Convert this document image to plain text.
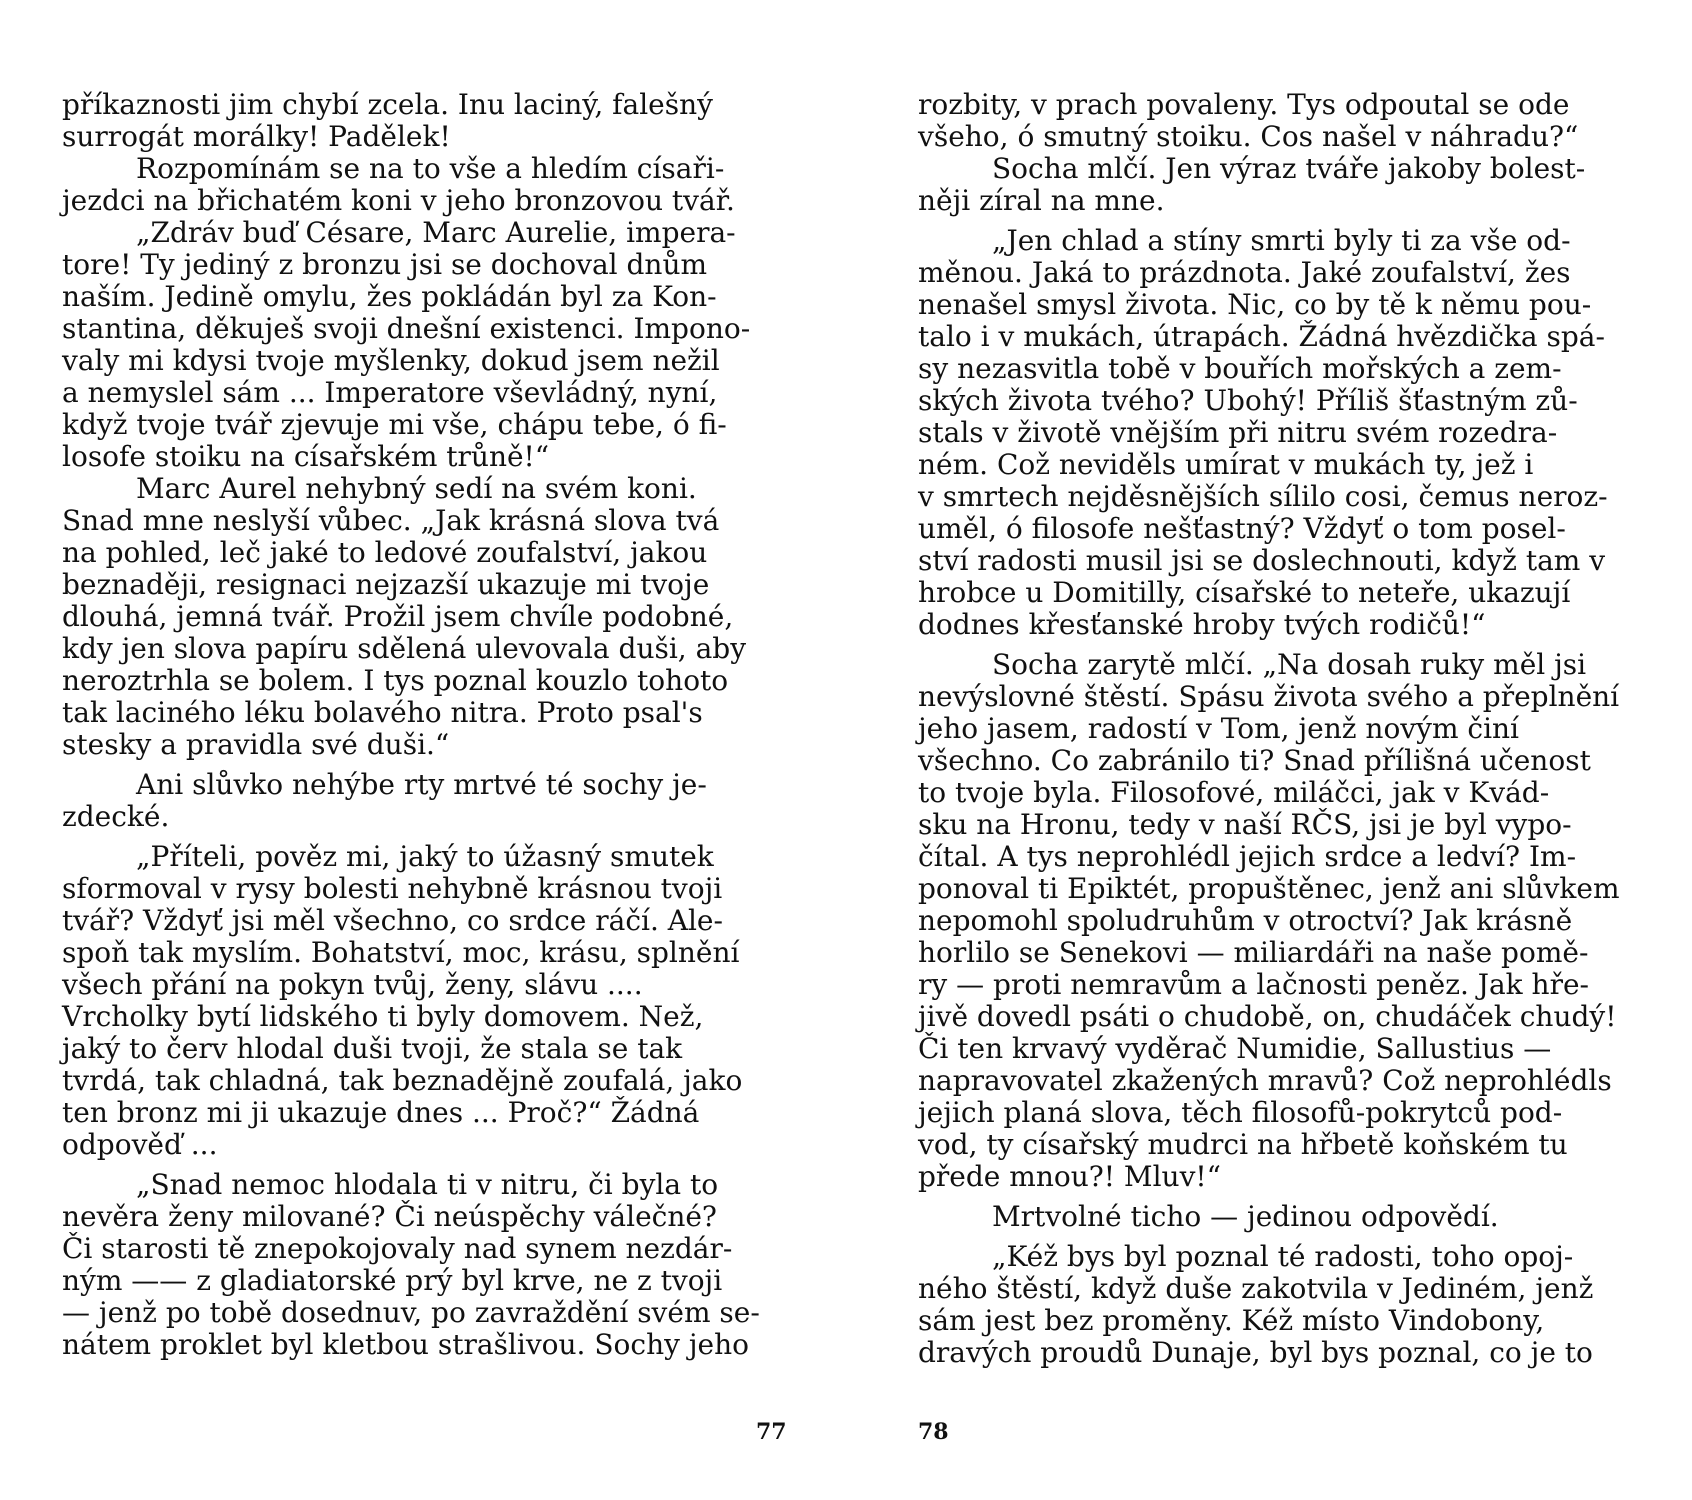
příkaznosti jim chybí zcela. Inu laciný, falešný
surrogát morálky! Padělek!
Rozpomínám se na to vše a hledím císaři-
jezdci na břichatém koni v jeho bronzovou tvář.
„Zdráv buď Césare, Marc Aurelie, impera-
tore! Ty jediný z bronzu jsi se dochoval dnům
naším. Jedině omylu, žes pokládán byl za Kon-
stantina, děkuješ svoji dnešní existenci. Impono-
valy mi kdysi tvoje myšlenky, dokud jsem nežil
a nemyslel sám ... Imperatore vševládný, nyní,
když tvoje tvář zjevuje mi vše, chápu tebe, ó fi-
losofe stoiku na císařském trůně!“
Marc Aurel nehybný sedí na svém koni.
Snad mne neslyší vůbec. „Jak krásná slova tvá
na pohled, leč jaké to ledové zoufalství, jakou
beznaději, resignaci nejzazší ukazuje mi tvoje
dlouhá, jemná tvář. Prožil jsem chvíle podobné,
kdy jen slova papíru sdělená ulevovala duši, aby
neroztrhla se bolem. I tys poznal kouzlo tohoto
tak laciného léku bolavého nitra. Proto psal's
stesky a pravidla své duši.“
Ani slůvko nehýbe rty mrtvé té sochy je-
zdecké.
„Příteli, pověz mi, jaký to úžasný smutek
sformoval v rysy bolesti nehybně krásnou tvoji
tvář? Vždyť jsi měl všechno, co srdce ráčí. Ale-
spoň tak myslím. Bohatství, moc, krásu, splnění
všech přání na pokyn tvůj, ženy, slávu ....
Vrcholky bytí lidského ti byly domovem. Než,
jaký to červ hlodal duši tvoji, že stala se tak
tvrdá, tak chladná, tak beznadějně zoufalá, jako
ten bronz mi ji ukazuje dnes ... Proč?“ Žádná
odpověď ...
„Snad nemoc hlodala ti v nitru, či byla to
nevěra ženy milované? Či neúspěchy válečné?
Či starosti tě znepokojovaly nad synem nezdár-
ným —— z gladiatorské prý byl krve, ne z tvoji
— jenž po tobě dosednuv, po zavraždění svém se-
nátem proklet byl kletbou strašlivou. Sochy jeho
77
rozbity, v prach povaleny. Tys odpoutal se ode
všeho, ó smutný stoiku. Cos našel v náhradu?“
Socha mlčí. Jen výraz tváře jakoby bolest-
něji zíral na mne.
„Jen chlad a stíny smrti byly ti za vše od-
měnou. Jaká to prázdnota. Jaké zoufalství, žes
nenašel smysl života. Nic, co by tě k němu pou-
talo i v mukách, útrapách. Žádná hvězdička spá-
sy nezasvitla tobě v bouřích mořských a zem-
ských života tvého? Ubohý! Příliš šťastným zů-
stals v životě vnějším při nitru svém rozedra-
ném. Což neviděls umírat v mukách ty, jež i
v smrtech nejděsnějších sílilo cosi, čemus neroz-
uměl, ó filosofe nešťastný? Vždyť o tom posel-
ství radosti musil jsi se doslechnouti, když tam v
hrobce u Domitilly, císařské to neteře, ukazují
dodnes křesťanské hroby tvých rodičů!“
Socha zarytě mlčí. „Na dosah ruky měl jsi
nevýslovné štěstí. Spásu života svého a přeplnění
jeho jasem, radostí v Tom, jenž novým činí
všechno. Co zabránilo ti? Snad přílišná učenost
to tvoje byla. Filosofové, miláčci, jak v Kvád-
sku na Hronu, tedy v naší RČS, jsi je byl vypo-
čítal. A tys neprohlédl jejich srdce a ledví? Im-
ponoval ti Epiktét, propuštěnec, jenž ani slůvkem
nepomohl spoludruhům v otroctví? Jak krásně
horlilo se Senekovi — miliardáři na naše pomě-
ry — proti nemravům a lačnosti peněz. Jak hře-
jivě dovedl psáti o chudobě, on, chudáček chudý!
Či ten krvavý vyděrač Numidie, Sallustius —
napravovatel zkažených mravů? Což neprohlédls
jejich planá slova, těch filosofů-pokrytců pod-
vod, ty císařský mudrci na hřbetě koňském tu
přede mnou?! Mluv!“
Mrtvolné ticho — jedinou odpovědí.
„Kéž bys byl poznal té radosti, toho opoj-
ného štěstí, když duše zakotvila v Jediném, jenž
sám jest bez proměny. Kéž místo Vindobony,
dravých proudů Dunaje, byl bys poznal, co je to
78
